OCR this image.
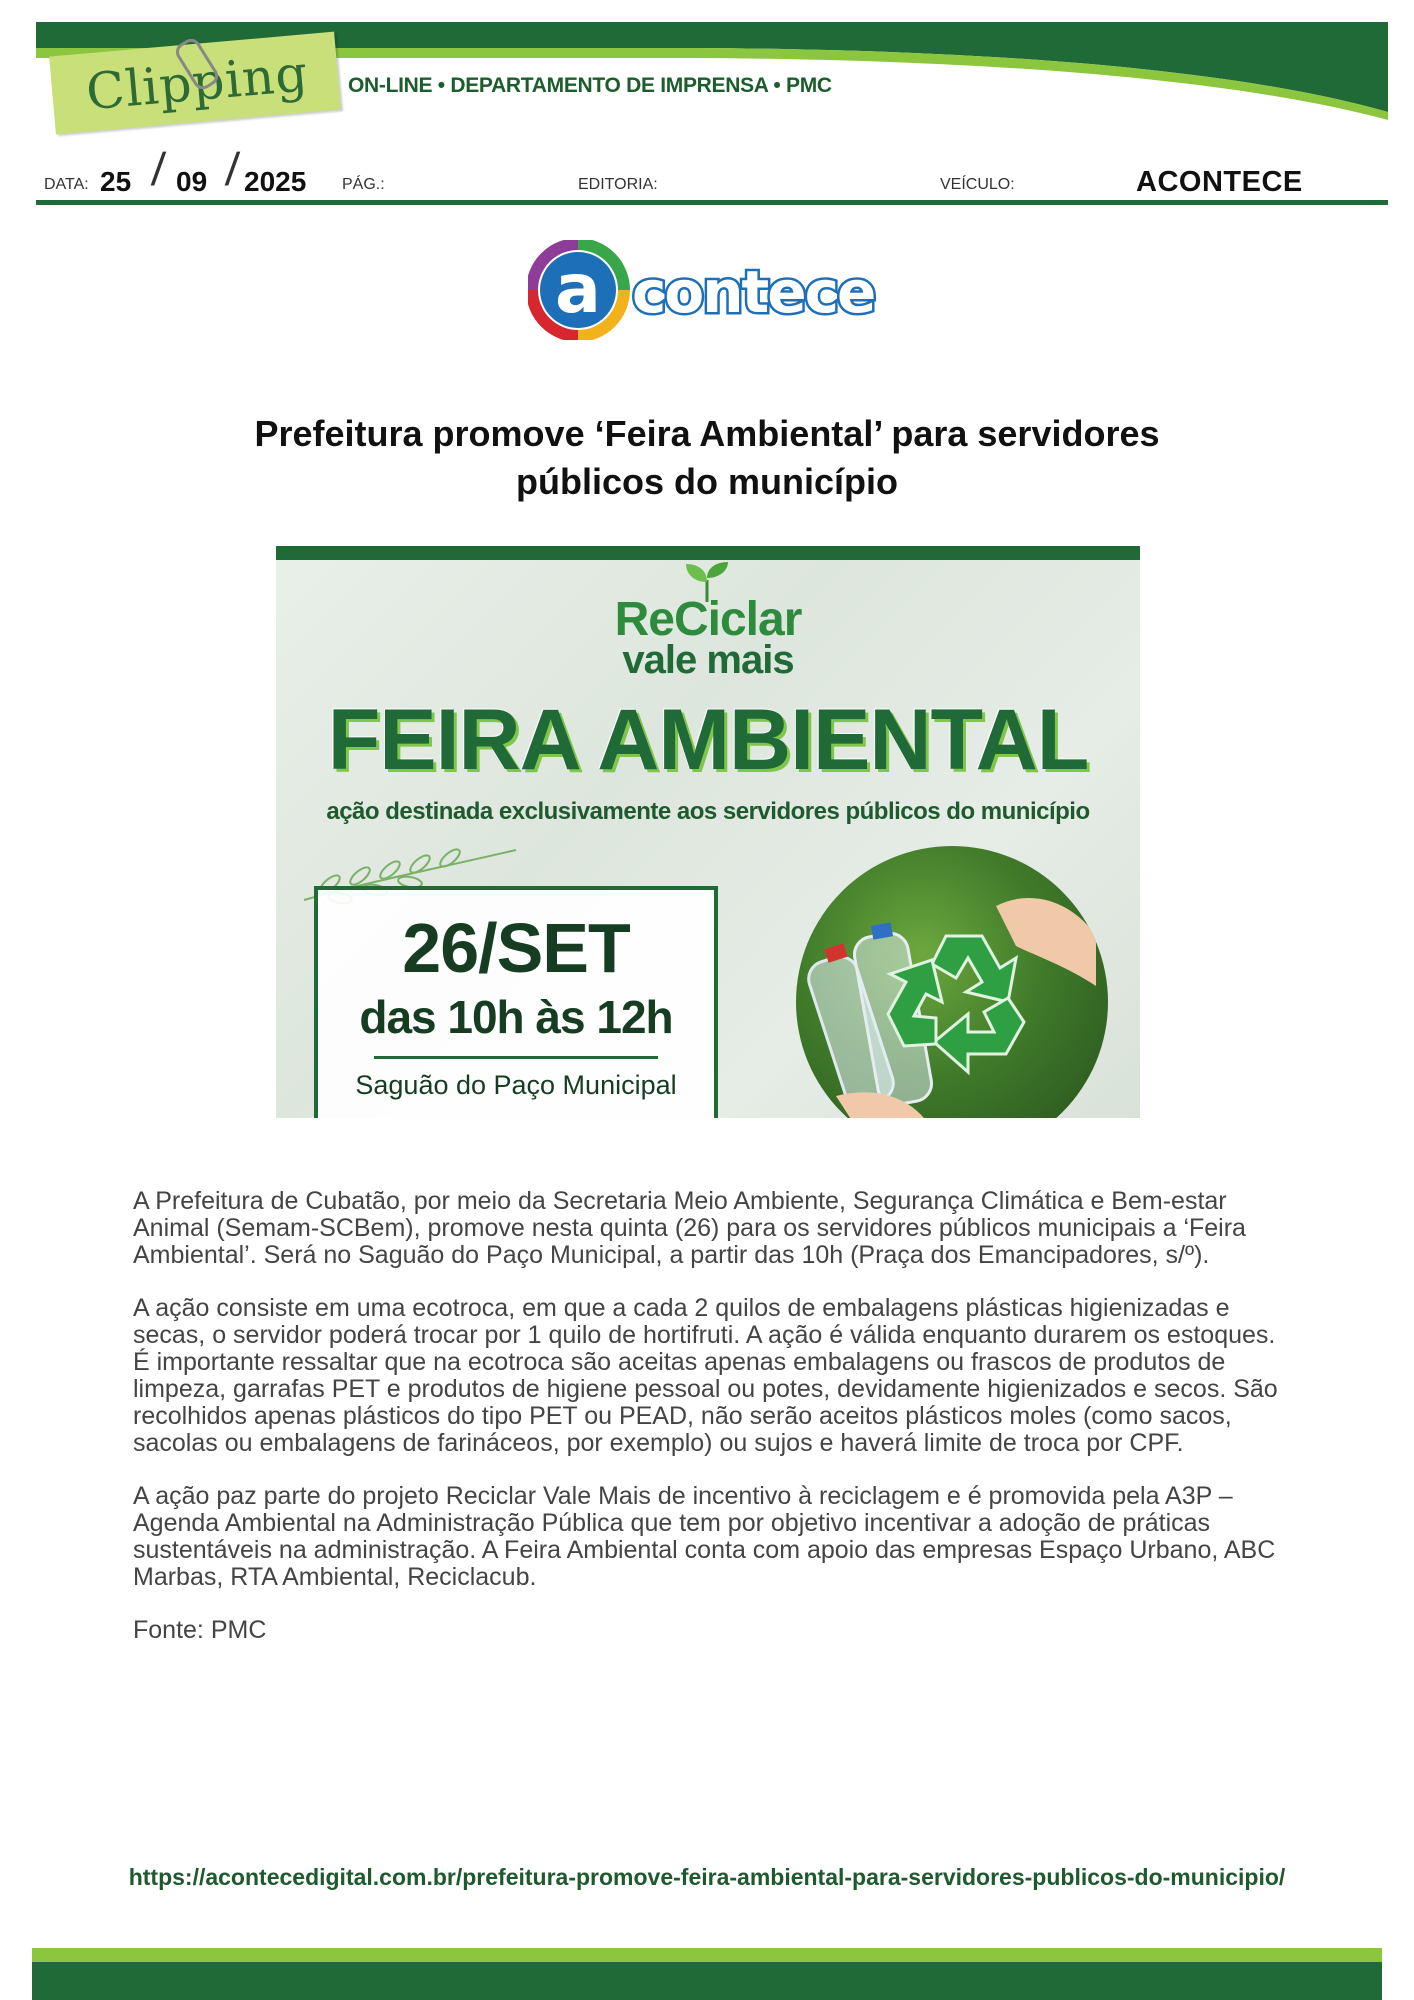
Clipping	ON-LINE • DEPARTAMENTO DE IMPRENSA • PMC
DATA: 25 / 09 / 2025 PÁG.:	EDITORIA:	VEÍCULO:	ACONTECE
a contece
Prefeitura promove ‘Feira Ambiental’ para servidores
públicos do município
ReCiclar
vale mais
FEIRA AMBIENTAL
ação destinada exclusivamente aos servidores públicos do município
26/SET
das 10h às 12h
Saguão do Paço Municipal

A Prefeitura de Cubatão, por meio da Secretaria Meio Ambiente, Segurança Climática e Bem-estar Animal (Semam-SCBem), promove nesta quinta (26) para os servidores públicos municipais a ‘Feira Ambiental’. Será no Saguão do Paço Municipal, a partir das 10h (Praça dos Emancipadores, s/º).

A ação consiste em uma ecotroca, em que a cada 2 quilos de embalagens plásticas higienizadas e secas, o servidor poderá trocar por 1 quilo de hortifruti. A ação é válida enquanto durarem os estoques. É importante ressaltar que na ecotroca são aceitas apenas embalagens ou frascos de produtos de limpeza, garrafas PET e produtos de higiene pessoal ou potes, devidamente higienizados e secos. São recolhidos apenas plásticos do tipo PET ou PEAD, não serão aceitos plásticos moles (como sacos, sacolas ou embalagens de farináceos, por exemplo) ou sujos e haverá limite de troca por CPF.

A ação paz parte do projeto Reciclar Vale Mais de incentivo à reciclagem e é promovida pela A3P – Agenda Ambiental na Administração Pública que tem por objetivo incentivar a adoção de práticas sustentáveis na administração. A Feira Ambiental conta com apoio das empresas Espaço Urbano, ABC Marbas, RTA Ambiental, Reciclacub.

Fonte: PMC

https://acontecedigital.com.br/prefeitura-promove-feira-ambiental-para-servidores-publicos-do-municipio/
